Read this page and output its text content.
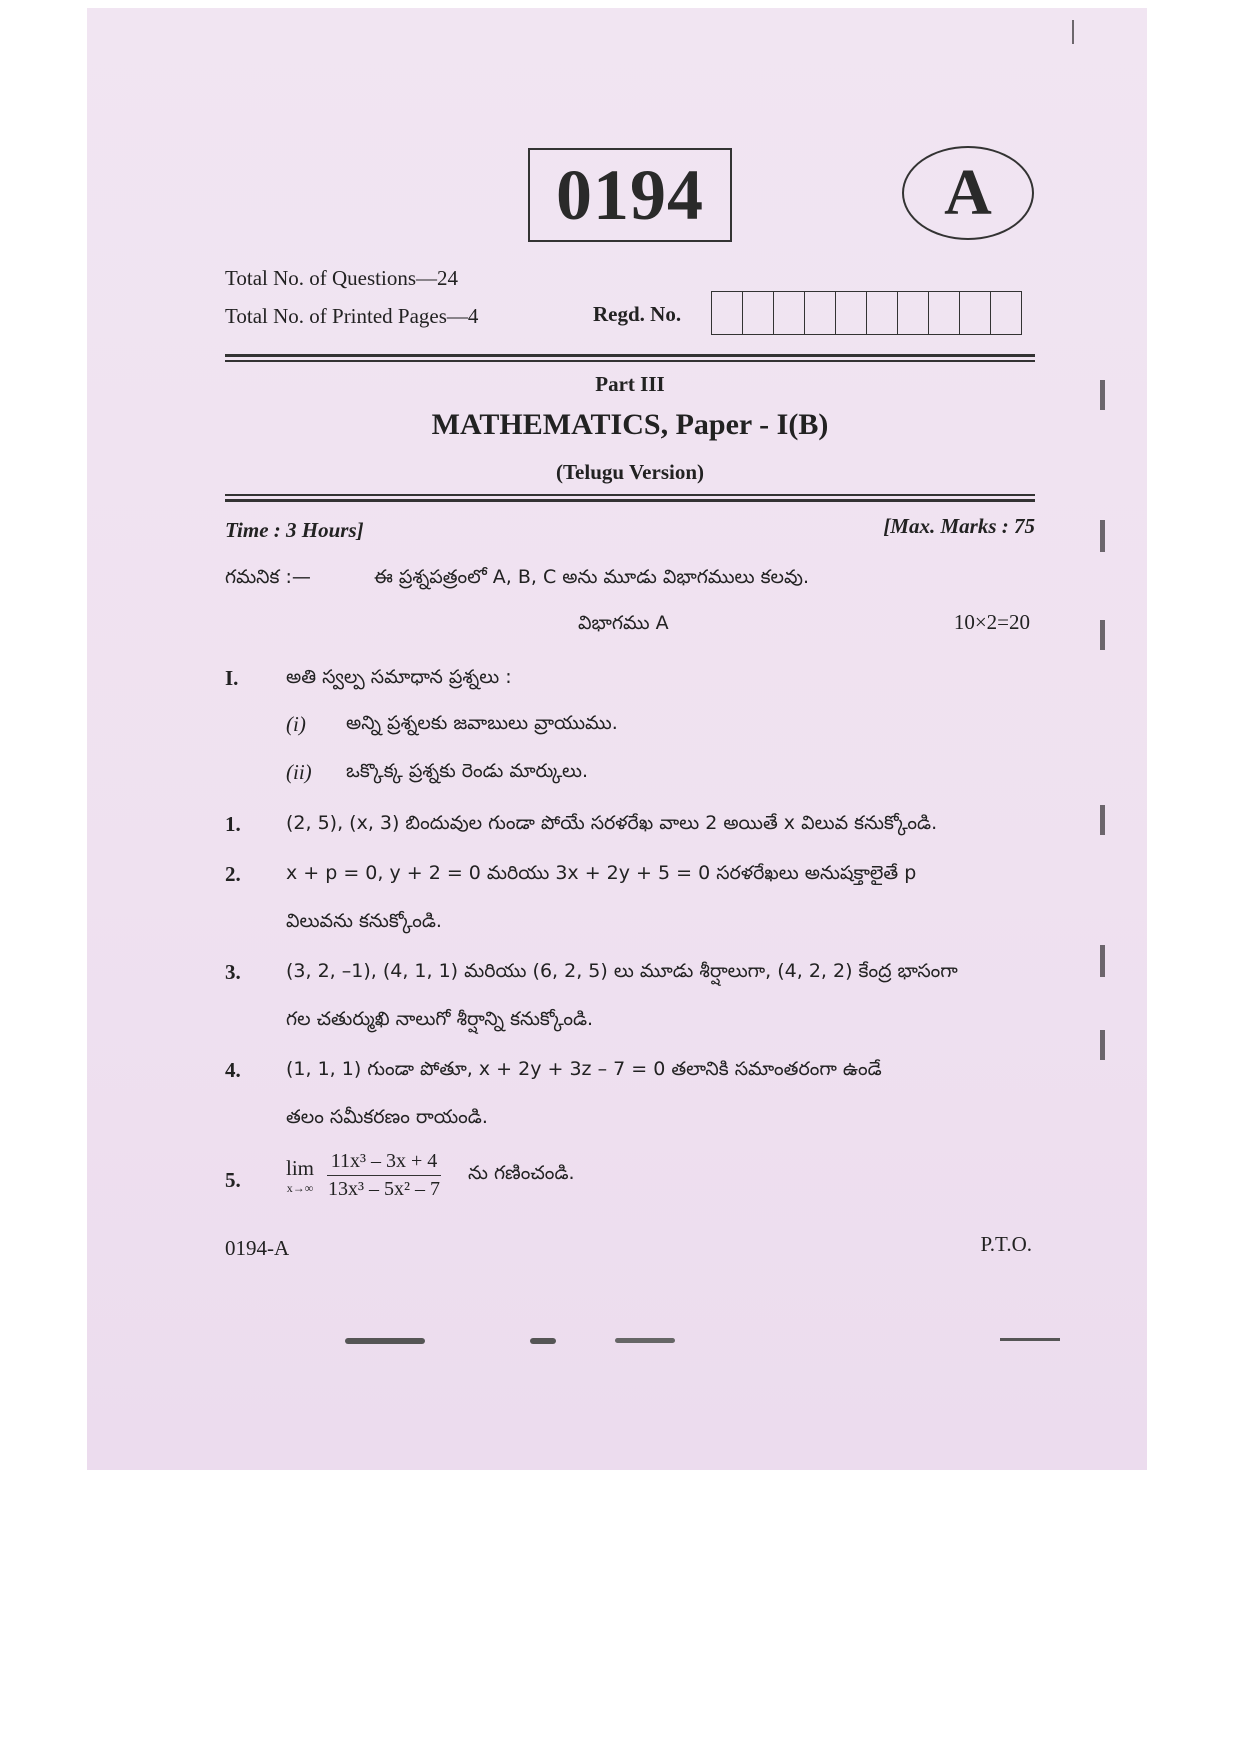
0194	A
Total No. of Questions—24
Total No. of Printed Pages—4	Regd. No.
Part III
MATHEMATICS, Paper - I(B)
(Telugu Version)
Time : 3 Hours]	[Max. Marks : 75
గమనిక :—	ఈ ప్రశ్నపత్రంలో A, B, C అను మూడు విభాగములు కలవు.
విభాగము A	10×2=20
I.	అతి స్వల్ప సమాధాన ప్రశ్నలు :
(i) అన్ని ప్రశ్నలకు జవాబులు వ్రాయుము.
(ii) ఒక్కొక్క ప్రశ్నకు రెండు మార్కులు.
1. (2, 5), (x, 3) బిందువుల గుండా పోయే సరళరేఖ వాలు 2 అయితే x విలువ కనుక్కోండి.
2. x + p = 0, y + 2 = 0 మరియు 3x + 2y + 5 = 0 సరళరేఖలు అనుషక్తాలైతే p
విలువను కనుక్కోండి.
3. (3, 2, –1), (4, 1, 1) మరియు (6, 2, 5) లు మూడు శీర్షాలుగా, (4, 2, 2) కేంద్ర భాసంగా
గల చతుర్ముఖి నాలుగో శీర్షాన్ని కనుక్కోండి.
4. (1, 1, 1) గుండా పోతూ, x + 2y + 3z – 7 = 0 తలానికి సమాంతరంగా ఉండే
తలం సమీకరణం రాయండి.
5.
lim
$x\to\infty \frac{\text{11x³ – 3x + 4}}{\text{13x³ – 5x² – 7}}$ ను గణించండి.
0194-A	P.T.O.
